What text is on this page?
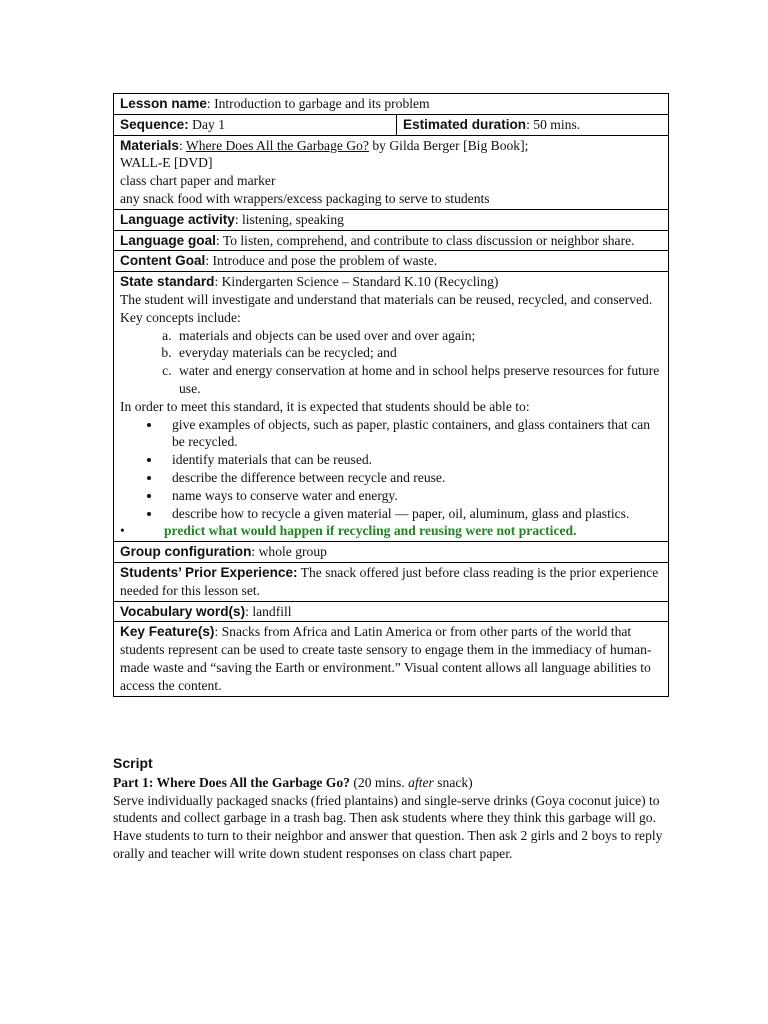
Lesson name: Introduction to garbage and its problem
Sequence: Day 1	Estimated duration: 50 mins.
Materials: Where Does All the Garbage Go? by Gilda Berger [Big Book];
WALL-E [DVD]
class chart paper and marker
any snack food with wrappers/excess packaging to serve to students

Language activity: listening, speaking
Language goal: To listen, comprehend, and contribute to class discussion or neighbor share.
Content Goal: Introduce and pose the problem of waste.
State standard: Kindergarten Science – Standard K.10 (Recycling)
The student will investigate and understand that materials can be reused, recycled, and conserved. Key concepts include:
a. materials and objects can be used over and over again;
b. everyday materials can be recycled; and
c. water and energy conservation at home and in school helps preserve resources for future use.
In order to meet this standard, it is expected that students should be able to:
• give examples of objects, such as paper, plastic containers, and glass containers that can be recycled.
• identify materials that can be reused.
• describe the difference between recycle and reuse.
• name ways to conserve water and energy.
• describe how to recycle a given material — paper, oil, aluminum, glass and plastics.
•	predict what would happen if recycling and reusing were not practiced.

Group configuration: whole group
Students’ Prior Experience: The snack offered just before class reading is the prior experience needed for this lesson set.
Vocabulary word(s): landfill
Key Feature(s): Snacks from Africa and Latin America or from other parts of the world that students represent can be used to create taste sensory to engage them in the immediacy of human-made waste and “saving the Earth or environment.” Visual content allows all language abilities to access the content.
Script
Part 1: Where Does All the Garbage Go? (20 mins. after snack)
Serve individually packaged snacks (fried plantains) and single-serve drinks (Goya coconut juice) to students and collect garbage in a trash bag. Then ask students where they think this garbage will go. Have students to turn to their neighbor and answer that question. Then ask 2 girls and 2 boys to reply orally and teacher will write down student responses on class chart paper.
